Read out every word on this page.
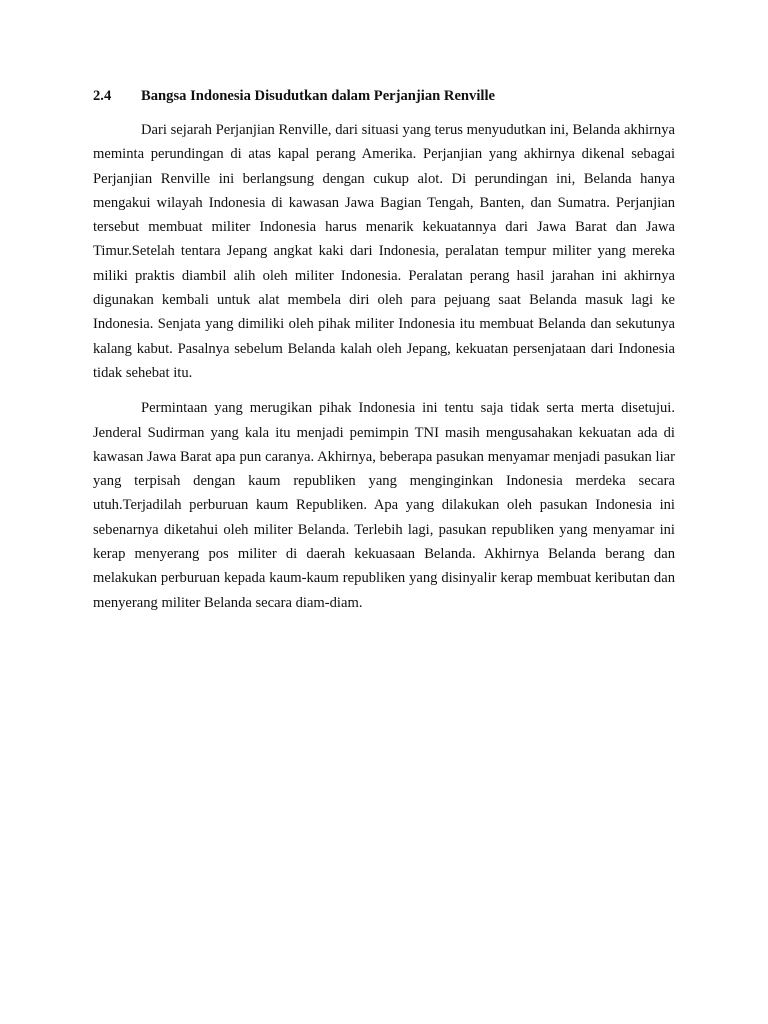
2.4	Bangsa Indonesia Disudutkan dalam Perjanjian Renville

Dari sejarah Perjanjian Renville, dari situasi yang terus menyudutkan ini, Belanda akhirnya meminta perundingan di atas kapal perang Amerika. Perjanjian yang akhirnya dikenal sebagai Perjanjian Renville ini berlangsung dengan cukup alot. Di perundingan ini, Belanda hanya mengakui wilayah Indonesia di kawasan Jawa Bagian Tengah, Banten, dan Sumatra. Perjanjian tersebut membuat militer Indonesia harus menarik kekuatannya dari Jawa Barat dan Jawa Timur.Setelah tentara Jepang angkat kaki dari Indonesia, peralatan tempur militer yang mereka miliki praktis diambil alih oleh militer Indonesia. Peralatan perang hasil jarahan ini akhirnya digunakan kembali untuk alat membela diri oleh para pejuang saat Belanda masuk lagi ke Indonesia. Senjata yang dimiliki oleh pihak militer Indonesia itu membuat Belanda dan sekutunya kalang kabut. Pasalnya sebelum Belanda kalah oleh Jepang, kekuatan persenjataan dari Indonesia tidak sehebat itu.

Permintaan yang merugikan pihak Indonesia ini tentu saja tidak serta merta disetujui. Jenderal Sudirman yang kala itu menjadi pemimpin TNI masih mengusahakan kekuatan ada di kawasan Jawa Barat apa pun caranya. Akhirnya, beberapa pasukan menyamar menjadi pasukan liar yang terpisah dengan kaum republiken yang menginginkan Indonesia merdeka secara utuh.Terjadilah perburuan kaum Republiken. Apa yang dilakukan oleh pasukan Indonesia ini sebenarnya diketahui oleh militer Belanda. Terlebih lagi, pasukan republiken yang menyamar ini kerap menyerang pos militer di daerah kekuasaan Belanda. Akhirnya Belanda berang dan melakukan perburuan kepada kaum-kaum republiken yang disinyalir kerap membuat keributan dan menyerang militer Belanda secara diam-diam.
